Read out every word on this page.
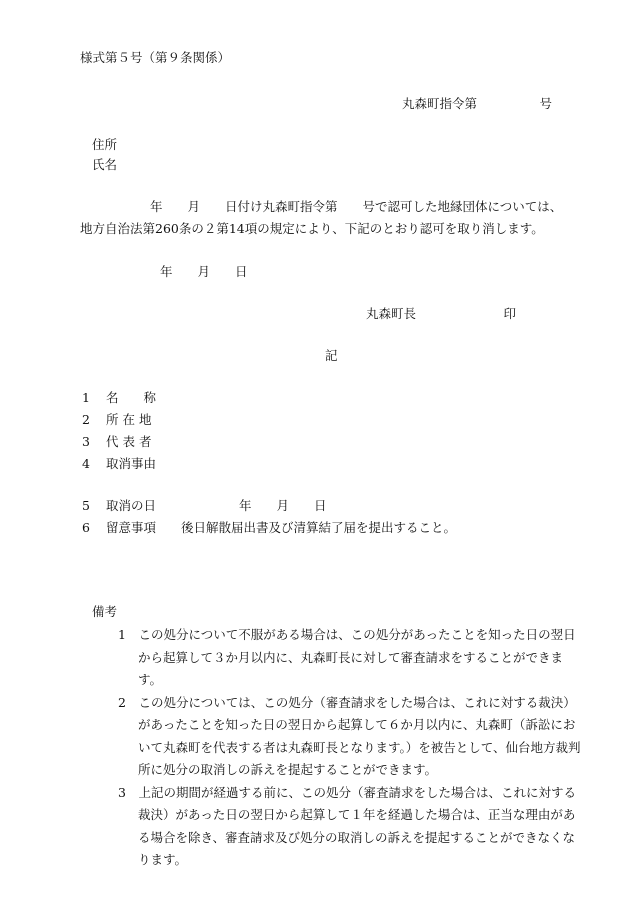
様式第５号（第９条関係）
丸森町指令第　　　　　号
住所
氏名

年　　月　　日付け丸森町指令第　　号で認可した地縁団体については、

地方自治法第260条の２第14項の規定により、下記のとおり認可を取り消します。

年　　月　　日
丸森町長　　　　　　　印
記
1 名　　称
2 所 在 地
3 代 表 者
4 取消事由
5 取消の日	年　　月　　日
6 留意事項 後日解散届出書及び清算結了届を提出すること。
備考
1　この処分について不服がある場合は、この処分があったことを知った日の翌日から起算して３か月以内に、丸森町長に対して審査請求をすることができます。
2　この処分については、この処分（審査請求をした場合は、これに対する裁決）があったことを知った日の翌日から起算して６か月以内に、丸森町（訴訟において丸森町を代表する者は丸森町長となります。）を被告として、仙台地方裁判所に処分の取消しの訴えを提起することができます。
3　上記の期間が経過する前に、この処分（審査請求をした場合は、これに対する裁決）があった日の翌日から起算して１年を経過した場合は、正当な理由がある場合を除き、審査請求及び処分の取消しの訴えを提起することができなくなります。
